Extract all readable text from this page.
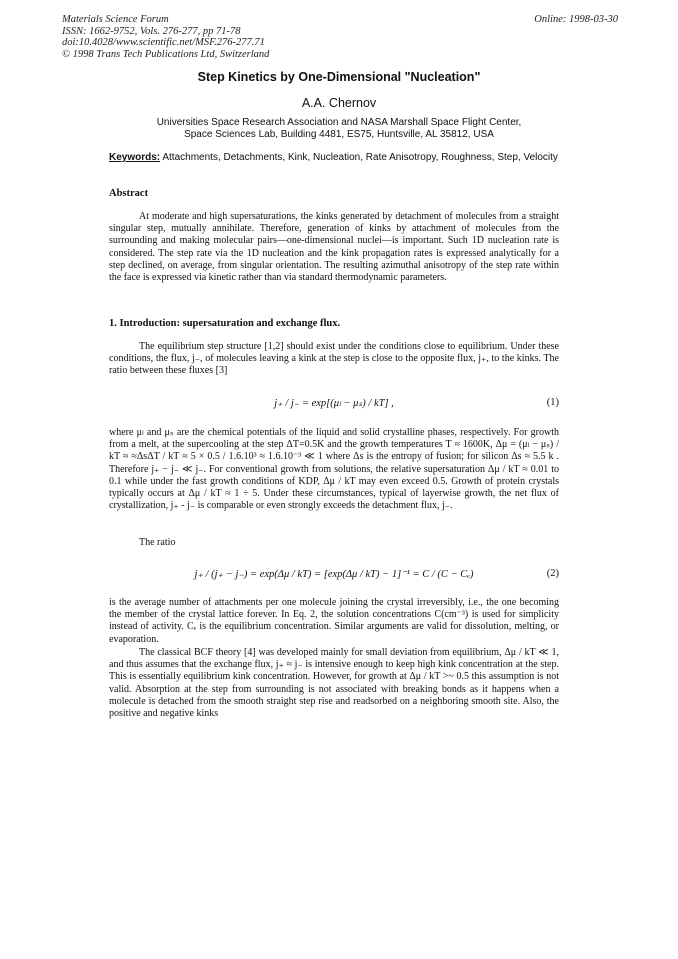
Materials Science Forum
ISSN: 1662-9752, Vols. 276-277, pp 71-78
doi:10.4028/www.scientific.net/MSF.276-277.71
© 1998 Trans Tech Publications Ltd, Switzerland
Online: 1998-03-30
Step Kinetics by One-Dimensional "Nucleation"
A.A. Chernov
Universities Space Research Association and NASA Marshall Space Flight Center,
Space Sciences Lab, Building 4481, ES75, Huntsville, AL 35812, USA
Keywords: Attachments, Detachments, Kink, Nucleation, Rate Anisotropy, Roughness, Step, Velocity
Abstract
At moderate and high supersaturations, the kinks generated by detachment of molecules from a straight singular step, mutually annihilate. Therefore, generation of kinks by attachment of molecules from the surrounding and making molecular pairs—one-dimensional nuclei—is important. Such 1D nucleation rate is considered. The step rate via the 1D nucleation and the kink propagation rates is expressed analytically for a step declined, on average, from singular orientation. The resulting azimuthal anisotropy of the step rate within the face is expressed via kinetic rather than via standard thermodynamic parameters.
1. Introduction: supersaturation and exchange flux.
The equilibrium step structure [1,2] should exist under the conditions close to equilibrium. Under these conditions, the flux, j₋, of molecules leaving a kink at the step is close to the opposite flux, j₊, to the kinks. The ratio between these fluxes [3]
j₊ / j₋ = exp[(μₗ − μₛ) / kT] ,	(1)
where μₗ and μₛ are the chemical potentials of the liquid and solid crystalline phases, respectively. For growth from a melt, at the supercooling at the step ΔT=0.5K and the growth temperatures T ≈ 1600K, Δμ = (μₗ − μₛ) / kT ≈ ≈ΔsΔT / kT ≈ 5 × 0.5 / 1.6.10³ ≈ 1.6.10⁻³ ≪ 1 where Δs is the entropy of fusion; for silicon Δs ≈ 5.5 k . Therefore j₊ − j₋ ≪ j₋. For conventional growth from solutions, the relative supersaturation Δμ / kT ≈ 0.01 to 0.1 while under the fast growth conditions of KDP, Δμ / kT may even exceed 0.5. Growth of protein crystals typically occurs at Δμ / kT ≈ 1 ÷ 5. Under these circumstances, typical of layerwise growth, the net flux of crystallization, j₊ - j₋ is comparable or even strongly exceeds the detachment flux, j₋.
The ratio
j₊ / (j₊ − j₋) = exp(Δμ / kT) = [exp(Δμ / kT) − 1]⁻¹ = C / (C − Cₑ)	(2)
is the average number of attachments per one molecule joining the crystal irreversibly, i.e., the one becoming the member of the crystal lattice forever. In Eq. 2, the solution concentrations C(cm⁻³) is used for simplicity instead of activity. Cₑ is the equilibrium concentration. Similar arguments are valid for dissolution, melting, or evaporation.
The classical BCF theory [4] was developed mainly for small deviation from equilibrium, Δμ / kT ≪ 1, and thus assumes that the exchange flux, j₊ ≈ j₋ is intensive enough to keep high kink concentration at the step. This is essentially equilibrium kink concentration. However, for growth at Δμ / kT >~ 0.5 this assumption is not valid. Absorption at the step from surrounding is not associated with breaking bonds as it happens when a molecule is detached from the smooth straight step rise and readsorbed on a neighboring smooth site. Also, the positive and negative kinks
